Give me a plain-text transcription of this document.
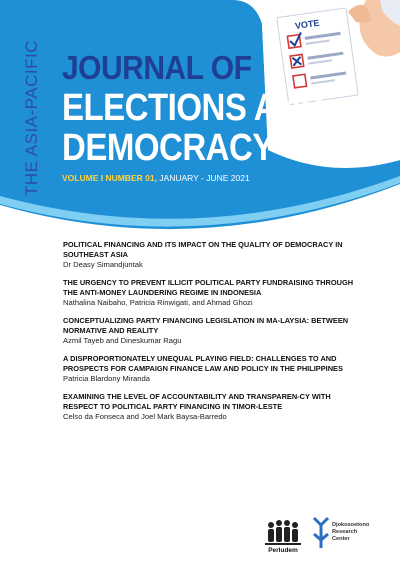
VOTE
THE ASIA-PACIFIC JOURNAL OF
ELECTIONS AND
DEMOCRACY
VOLUME I NUMBER 01, JANUARY - JUNE 2021
POLITICAL FINANCING AND ITS IMPACT ON THE QUALITY OF DEMOCRACY IN SOUTHEAST ASIA
Dr Deasy Simandjuntak
THE URGENCY TO PREVENT ILLICIT POLITICAL PARTY FUNDRAISING THROUGH THE ANTI-MONEY LAUNDERING REGIME IN INDONESIA
Nathalina Naibaho, Patricia Rinwigati, and Ahmad Ghozi
CONCEPTUALIZING PARTY FINANCING LEGISLATION IN MA-LAYSIA: BETWEEN NORMATIVE AND REALITY
Azmil Tayeb and Dineskumar Ragu
A DISPROPORTIONATELY UNEQUAL PLAYING FIELD: CHALLENGES TO AND PROSPECTS FOR CAMPAIGN FINANCE LAW AND POLICY IN THE PHILIPPINES
Patricia Blardony Miranda
EXAMINING THE LEVEL OF ACCOUNTABILITY AND TRANSPAREN-CY WITH RESPECT TO POLITICAL PARTY FINANCING IN TIMOR-LESTE
Celso da Fonseca and Joel Mark Baysa-Barredo
Perludem
Djokosoetono
Research
Center
